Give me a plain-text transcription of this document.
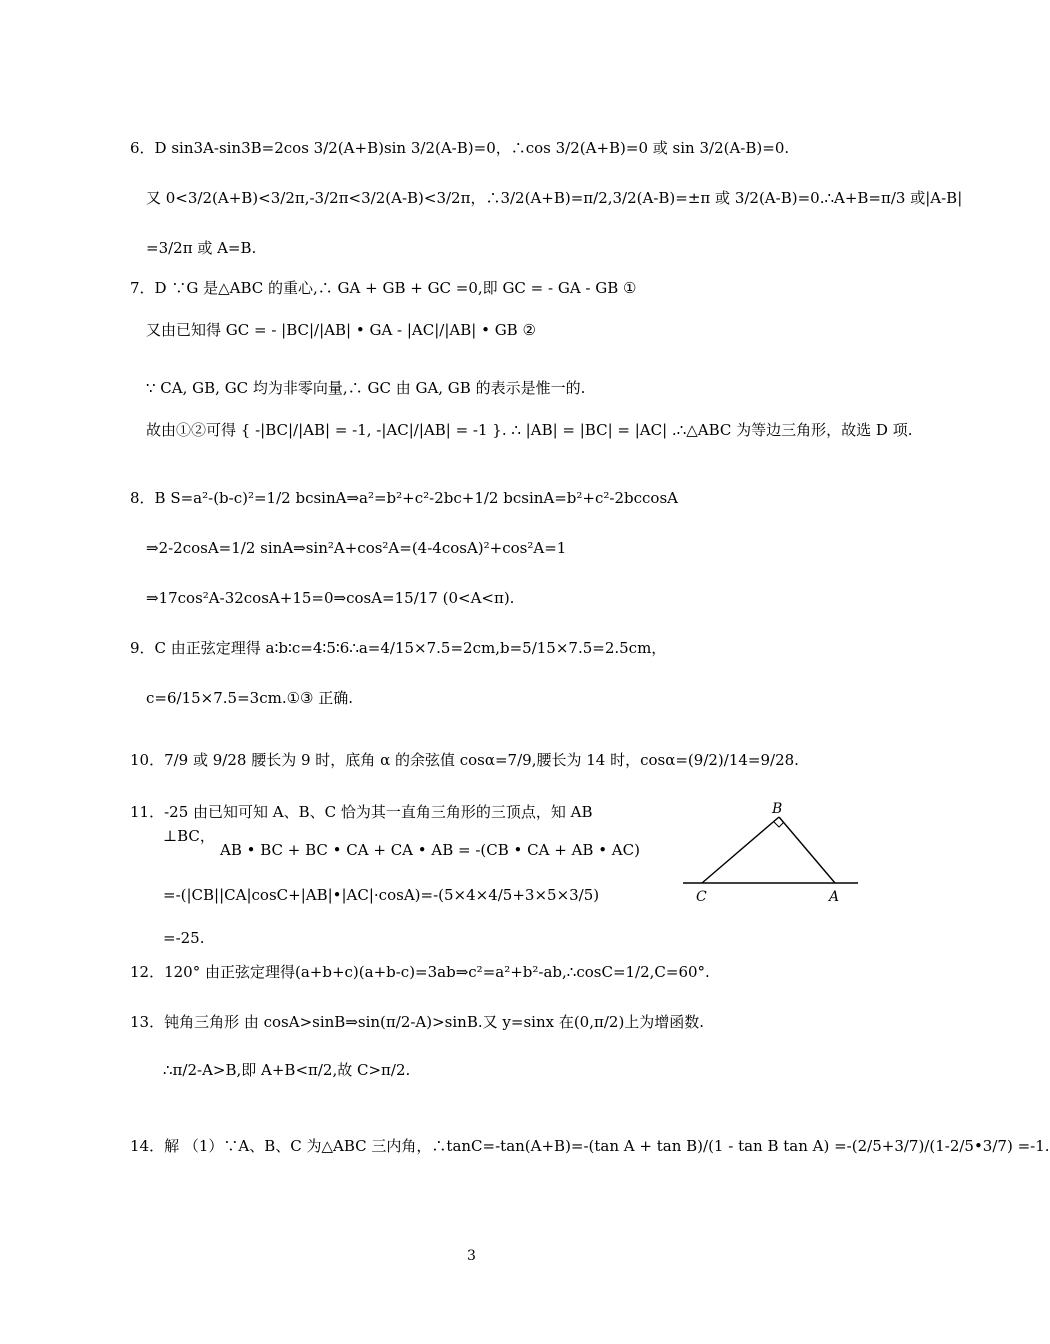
6．D sin3A-sin3B=2cos 3/2(A+B)sin 3/2(A-B)=0，∴cos 3/2(A+B)=0 或 sin 3/2(A-B)=0.
又 0<3/2(A+B)<3/2π,-3/2π<3/2(A-B)<3/2π，∴3/2(A+B)=π/2,3/2(A-B)=±π 或 3/2(A-B)=0.∴A+B=π/3 或|A-B|
=3/2π 或 A=B.
7．D ∵G 是△ABC 的重心,∴ GA + GB + GC =0,即 GC = - GA - GB ①
又由已知得 GC = - |BC|/|AB| • GA - |AC|/|AB| • GB ②
∵ CA, GB, GC 均为非零向量,∴ GC 由 GA, GB 的表示是惟一的.
故由①②可得 { -|BC|/|AB| = -1, -|AC|/|AB| = -1 }. ∴ |AB| = |BC| = |AC| .∴△ABC 为等边三角形，故选 D 项.
8．B S=a²-(b-c)²=1/2 bcsinA⇒a²=b²+c²-2bc+1/2 bcsinA=b²+c²-2bccosA
⇒2-2cosA=1/2 sinA⇒sin²A+cos²A=(4-4cosA)²+cos²A=1
⇒17cos²A-32cosA+15=0⇒cosA=15/17 (0<A<π).
9．C 由正弦定理得 a∶b∶c=4∶5∶6∴a=4/15×7.5=2cm,b=5/15×7.5=2.5cm，
c=6/15×7.5=3cm.①③ 正确.
10．7/9 或 9/28 腰长为 9 时，底角 α 的余弦值 cosα=7/9,腰长为 14 时，cosα=(9/2)/14=9/28.
11．-25 由已知可知 A、B、C 恰为其一直角三角形的三顶点，知 AB
⊥BC，
AB • BC + BC • CA + CA • AB = -(CB • CA + AB • AC)
=-(|CB||CA|cosC+|AB|•|AC|·cosA)=-(5×4×4/5+3×5×3/5)
=-25.
12．120° 由正弦定理得(a+b+c)(a+b-c)=3ab⇒c²=a²+b²-ab,∴cosC=1/2,C=60°.
13．钝角三角形 由 cosA>sinB⇒sin(π/2-A)>sinB.又 y=sinx 在(0,π/2)上为增函数.
∴π/2-A>B,即 A+B<π/2,故 C>π/2.
14．解 （1）∵A、B、C 为△ABC 三内角，∴tanC=-tan(A+B)=-(tan A + tan B)/(1 - tan B tan A) =-(2/5+3/7)/(1-2/5•3/7) =-1.
B
C	A
3
